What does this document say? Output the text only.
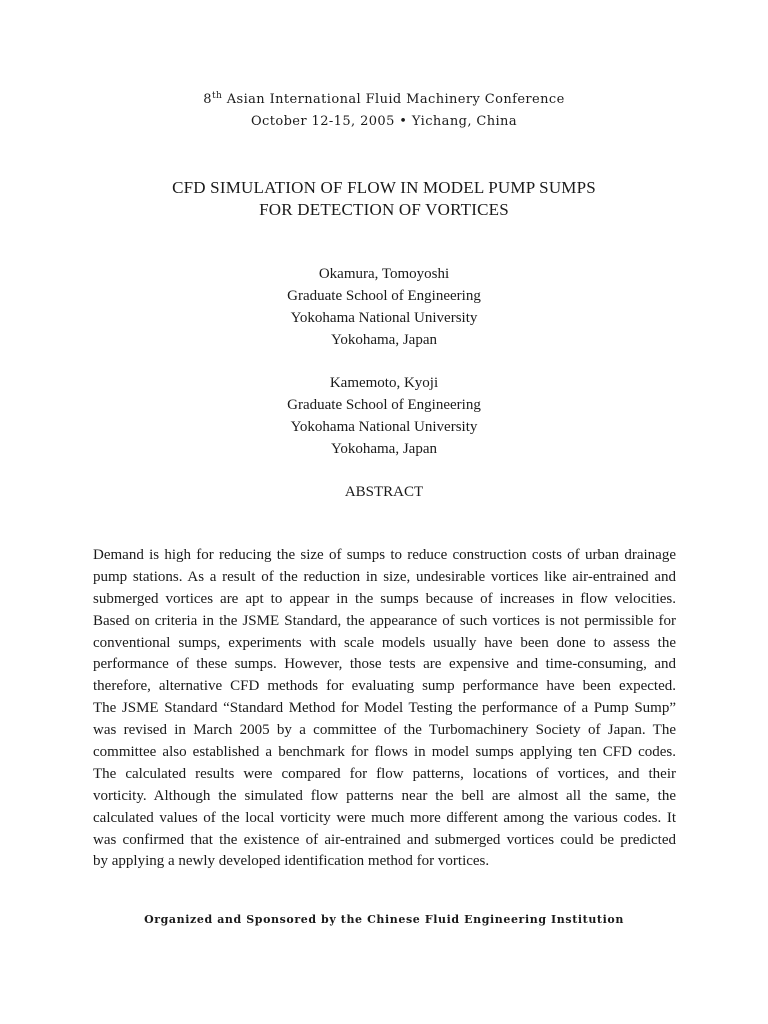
8th Asian International Fluid Machinery Conference
October 12-15, 2005 • Yichang, China
CFD SIMULATION OF FLOW IN MODEL PUMP SUMPS
FOR DETECTION OF VORTICES
Okamura, Tomoyoshi
Graduate School of Engineering
Yokohama National University
Yokohama, Japan
Kamemoto, Kyoji
Graduate School of Engineering
Yokohama National University
Yokohama, Japan
ABSTRACT
Demand is high for reducing the size of sumps to reduce construction costs of urban drainage
pump stations. As a result of the reduction in size, undesirable vortices like air-entrained and
submerged vortices are apt to appear in the sumps because of increases in flow velocities.
Based on criteria in the JSME Standard, the appearance of such vortices is not permissible for
conventional sumps, experiments with scale models usually have been done to assess the
performance of these sumps. However, those tests are expensive and time-consuming, and
therefore, alternative CFD methods for evaluating sump performance have been expected.
The JSME Standard “Standard Method for Model Testing the performance of a Pump Sump”
was revised in March 2005 by a committee of the Turbomachinery Society of Japan. The
committee also established a benchmark for flows in model sumps applying ten CFD codes.
The calculated results were compared for flow patterns, locations of vortices, and their
vorticity. Although the simulated flow patterns near the bell are almost all the same, the
calculated values of the local vorticity were much more different among the various codes. It
was confirmed that the existence of air-entrained and submerged vortices could be predicted
by applying a newly developed identification method for vortices.
Organized and Sponsored by the Chinese Fluid Engineering Institution
